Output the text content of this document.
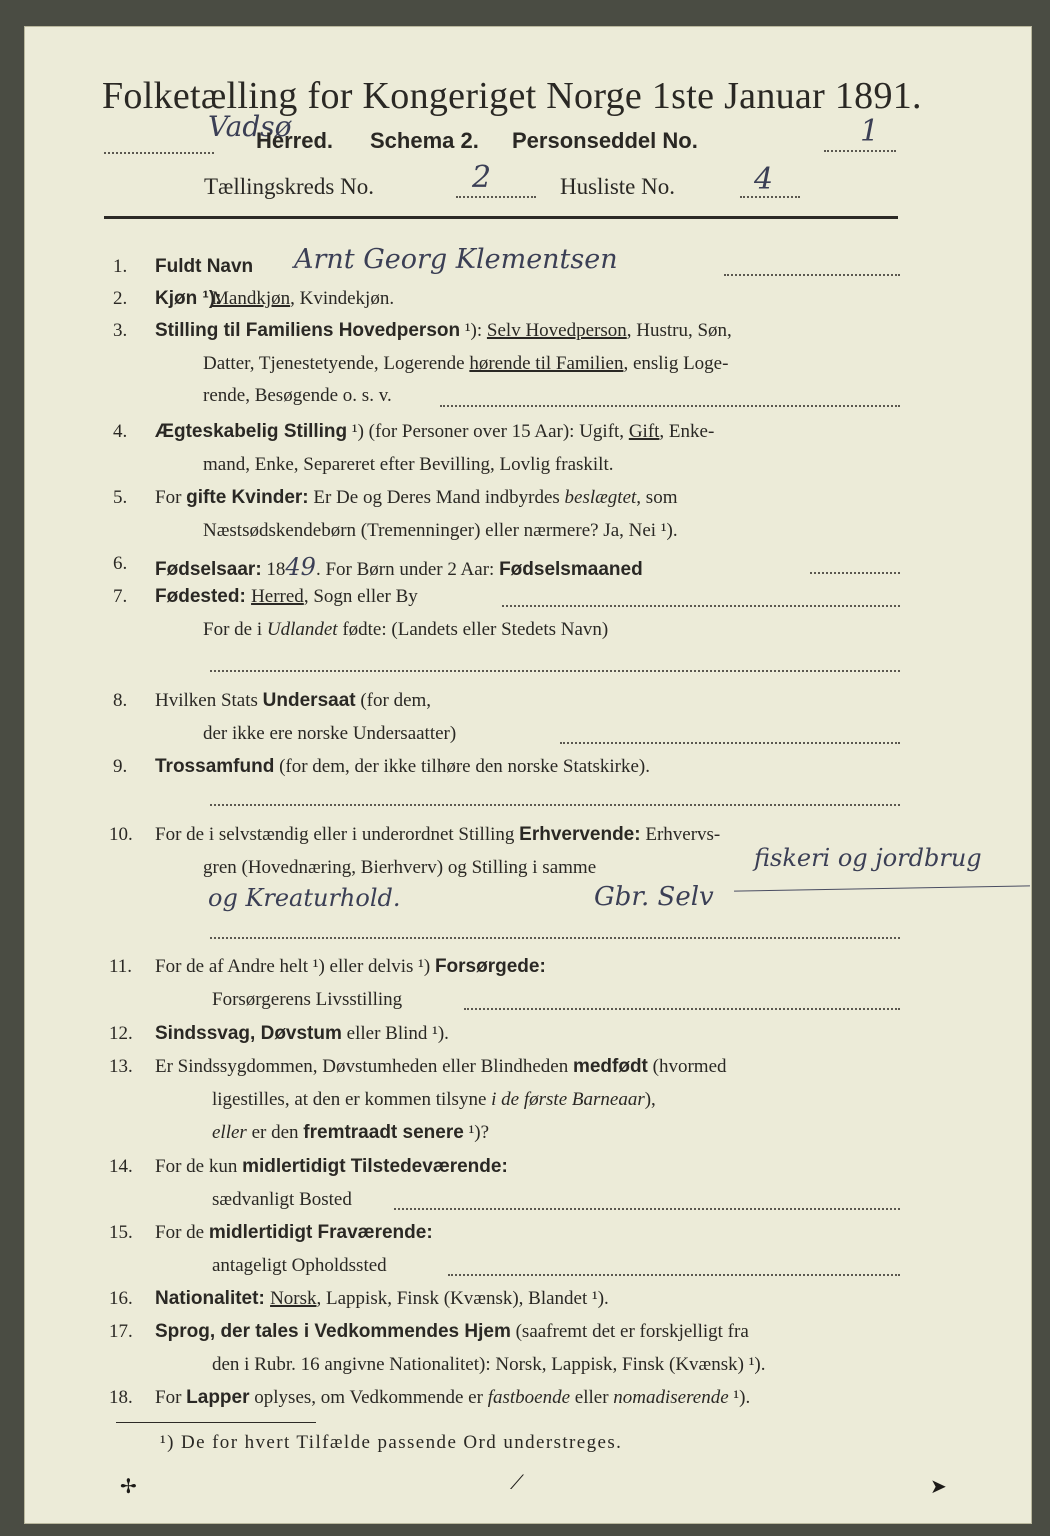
Folketælling for Kongeriget Norge 1ste Januar 1891.
Vadsø
Herred. Schema 2. Personseddel No.	1
Tællingskreds No.	2	Husliste No.	4
1. Fuldt Navn Arnt Georg Klementsen
2. Kjøn ¹):
Mandkjøn, Kvindekjøn.
3. Stilling til Familiens Hovedperson ¹): Selv Hovedperson, Hustru, Søn,
Datter, Tjenestetyende, Logerende hørende til Familien, enslig Loge-
rende, Besøgende o. s. v.
4. Ægteskabelig Stilling ¹) (for Personer over 15 Aar): Ugift, Gift, Enke-
mand, Enke, Separeret efter Bevilling, Lovlig fraskilt.
5. For gifte Kvinder: Er De og Deres Mand indbyrdes beslægtet, som
Næstsødskendebørn (Tremenninger) eller nærmere? Ja, Nei ¹).
6. Fødselsaar: 1849. For Børn under 2 Aar: Fødselsmaaned
7. Fødested: Herred, Sogn eller By
For de i Udlandet fødte: (Landets eller Stedets Navn)
8. Hvilken Stats Undersaat (for dem,
der ikke ere norske Undersaatter)
9. Trossamfund (for dem, der ikke tilhøre den norske Statskirke).
10. For de i selvstændig eller i underordnet Stilling Erhvervende: Erhvervs-
gren (Hovednæring, Bierhverv) og Stilling i samme	fiskeri og jordbrug
og Kreaturhold.	Gbr. Selv
11. For de af Andre helt ¹) eller delvis ¹) Forsørgede:
Forsørgerens Livsstilling
12. Sindssvag, Døvstum eller Blind ¹).
13. Er Sindssygdommen, Døvstumheden eller Blindheden medfødt (hvormed
ligestilles, at den er kommen tilsyne i de første Barneaar),
eller er den fremtraadt senere ¹)?
14. For de kun midlertidigt Tilstedeværende:
sædvanligt Bosted
15. For de midlertidigt Fraværende:
antageligt Opholdssted
16. Nationalitet: Norsk, Lappisk, Finsk (Kvænsk), Blandet ¹).
17. Sprog, der tales i Vedkommendes Hjem (saafremt det er forskjelligt fra
den i Rubr. 16 angivne Nationalitet): Norsk, Lappisk, Finsk (Kvænsk) ¹).
18. For Lapper oplyses, om Vedkommende er fastboende eller nomadiserende ¹).
¹) De for hvert Tilfælde passende Ord understreges.
✢	⟋	➤
